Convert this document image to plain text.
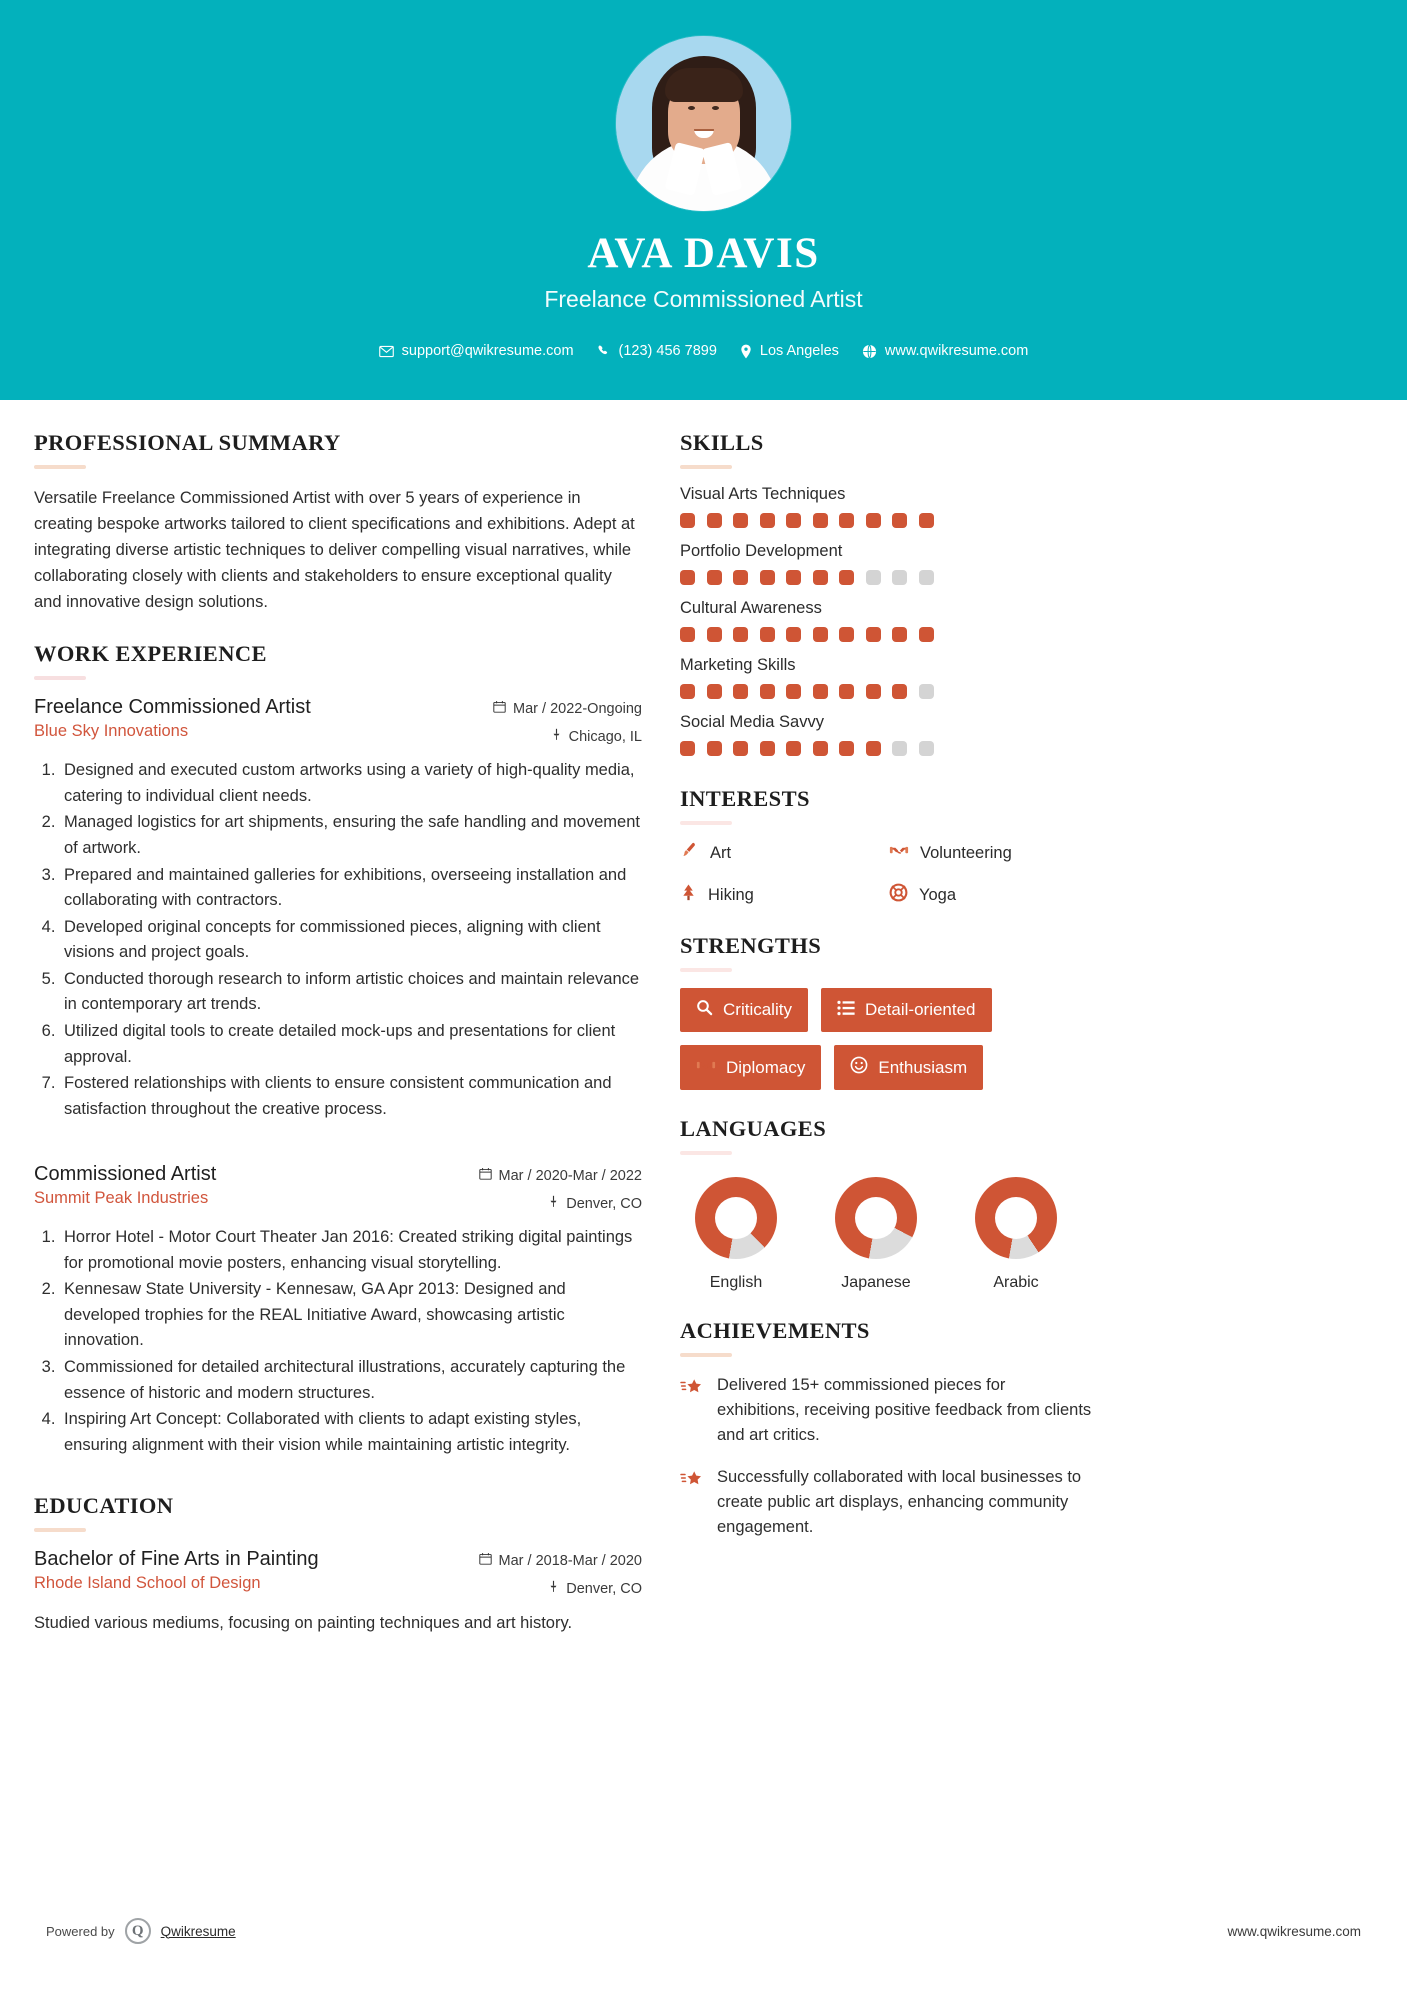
AVA DAVIS
Freelance Commissioned Artist
support@qwikresume.com	(123) 456 7899	Los Angeles	www.qwikresume.com
PROFESSIONAL SUMMARY
Versatile Freelance Commissioned Artist with over 5 years of experience in creating bespoke artworks tailored to client specifications and exhibitions. Adept at integrating diverse artistic techniques to deliver compelling visual narratives, while collaborating closely with clients and stakeholders to ensure exceptional quality and innovative design solutions.
WORK EXPERIENCE
Freelance Commissioned Artist
Blue Sky Innovations
Mar / 2022-Ongoing
Chicago, IL
1. Designed and executed custom artworks using a variety of high-quality media, catering to individual client needs.
2. Managed logistics for art shipments, ensuring the safe handling and movement of artwork.
3. Prepared and maintained galleries for exhibitions, overseeing installation and collaborating with contractors.
4. Developed original concepts for commissioned pieces, aligning with client visions and project goals.
5. Conducted thorough research to inform artistic choices and maintain relevance in contemporary art trends.
6. Utilized digital tools to create detailed mock-ups and presentations for client approval.
7. Fostered relationships with clients to ensure consistent communication and satisfaction throughout the creative process.
Commissioned Artist
Summit Peak Industries
Mar / 2020-Mar / 2022
Denver, CO
1. Horror Hotel - Motor Court Theater Jan 2016: Created striking digital paintings for promotional movie posters, enhancing visual storytelling.
2. Kennesaw State University - Kennesaw, GA Apr 2013: Designed and developed trophies for the REAL Initiative Award, showcasing artistic innovation.
3. Commissioned for detailed architectural illustrations, accurately capturing the essence of historic and modern structures.
4. Inspiring Art Concept: Collaborated with clients to adapt existing styles, ensuring alignment with their vision while maintaining artistic integrity.
EDUCATION
Bachelor of Fine Arts in Painting
Rhode Island School of Design
Mar / 2018-Mar / 2020
Denver, CO
Studied various mediums, focusing on painting techniques and art history.
SKILLS
Visual Arts Techniques
Portfolio Development
Cultural Awareness
Marketing Skills
Social Media Savvy
INTERESTS
Art	Volunteering
Hiking	Yoga
STRENGTHS
Criticality	Detail-oriented
Diplomacy	Enthusiasm
LANGUAGES
English	Japanese	Arabic
ACHIEVEMENTS
Delivered 15+ commissioned pieces for exhibitions, receiving positive feedback from clients and art critics.
Successfully collaborated with local businesses to create public art displays, enhancing community engagement.
Powered by	Q	Qwikresume	www.qwikresume.com
